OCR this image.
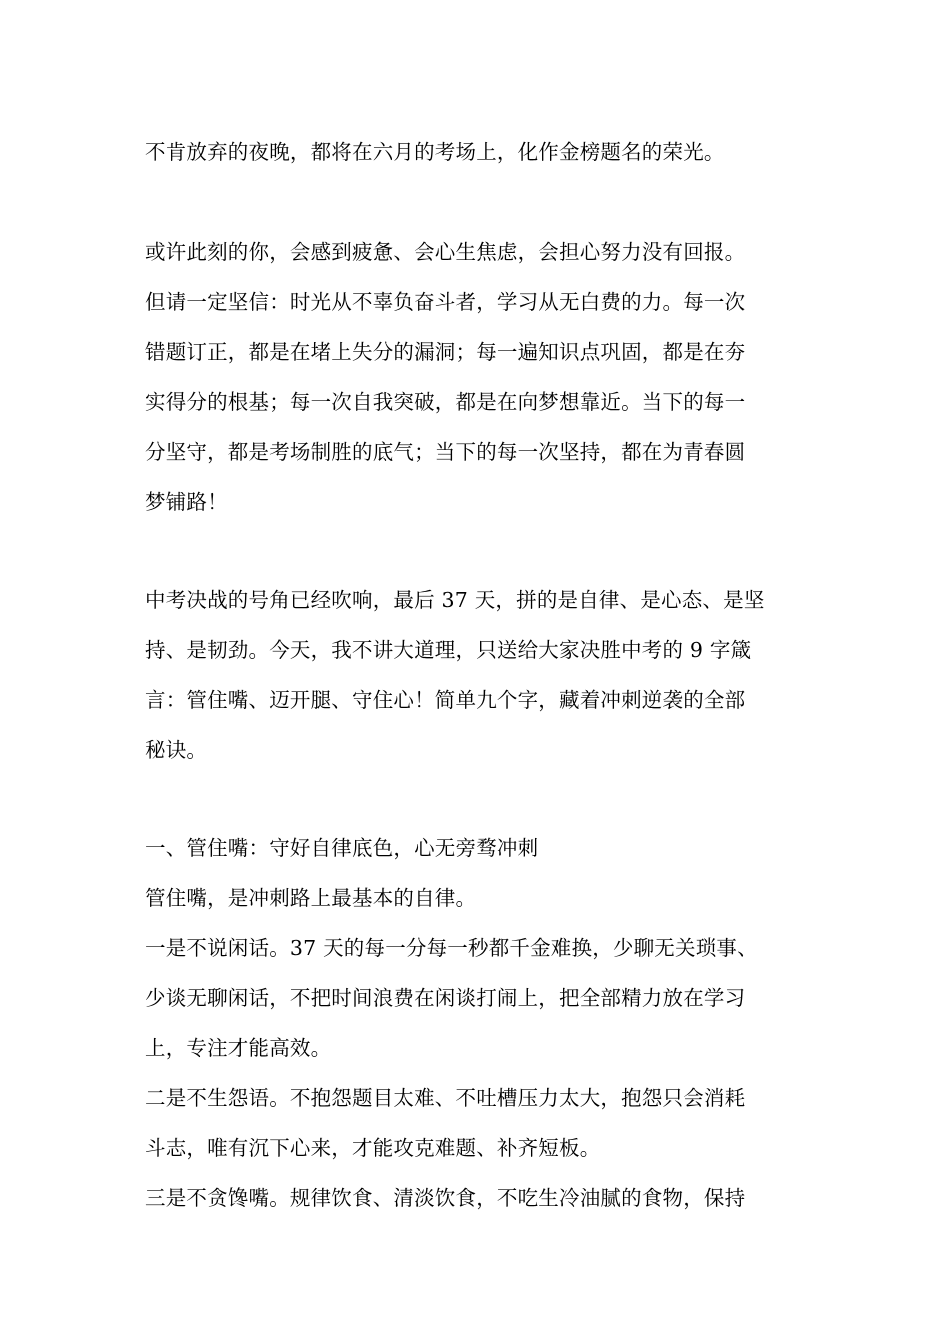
不肯放弃的夜晚，都将在六月的考场上，化作金榜题名的荣光。
或许此刻的你，会感到疲惫、会心生焦虑，会担心努力没有回报。
但请一定坚信：时光从不辜负奋斗者，学习从无白费的力。每一次
错题订正，都是在堵上失分的漏洞；每一遍知识点巩固，都是在夯
实得分的根基；每一次自我突破，都是在向梦想靠近。当下的每一
分坚守，都是考场制胜的底气；当下的每一次坚持，都在为青春圆
梦铺路！
中考决战的号角已经吹响，最后 37 天，拼的是自律、是心态、是坚
持、是韧劲。今天，我不讲大道理，只送给大家决胜中考的 9 字箴
言：管住嘴、迈开腿、守住心！简单九个字，藏着冲刺逆袭的全部
秘诀。
一、管住嘴：守好自律底色，心无旁骛冲刺
管住嘴，是冲刺路上最基本的自律。
一是不说闲话。37 天的每一分每一秒都千金难换，少聊无关琐事、
少谈无聊闲话，不把时间浪费在闲谈打闹上，把全部精力放在学习
上，专注才能高效。
二是不生怨语。不抱怨题目太难、不吐槽压力太大，抱怨只会消耗
斗志，唯有沉下心来，才能攻克难题、补齐短板。
三是不贪馋嘴。规律饮食、清淡饮食，不吃生冷油腻的食物，保持
